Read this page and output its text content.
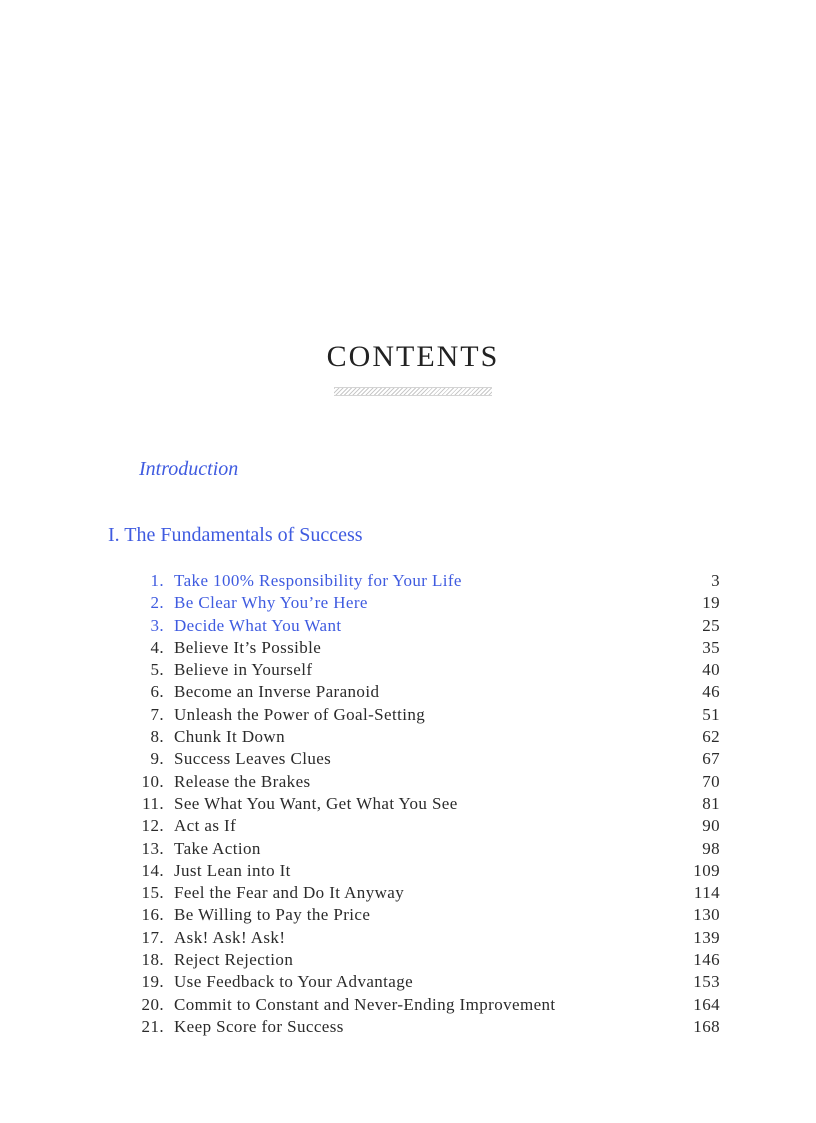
CONTENTS
Introduction
I. The Fundamentals of Success
1. Take 100% Responsibility for Your Life	3
2. Be Clear Why You’re Here	19
3. Decide What You Want	25
4. Believe It’s Possible	35
5. Believe in Yourself	40
6. Become an Inverse Paranoid	46
7. Unleash the Power of Goal-Setting	51
8. Chunk It Down	62
9. Success Leaves Clues	67
10. Release the Brakes	70
11. See What You Want, Get What You See	81
12. Act as If	90
13. Take Action	98
14. Just Lean into It	109
15. Feel the Fear and Do It Anyway	114
16. Be Willing to Pay the Price	130
17. Ask! Ask! Ask!	139
18. Reject Rejection	146
19. Use Feedback to Your Advantage	153
20. Commit to Constant and Never-Ending Improvement	164
21. Keep Score for Success	168
